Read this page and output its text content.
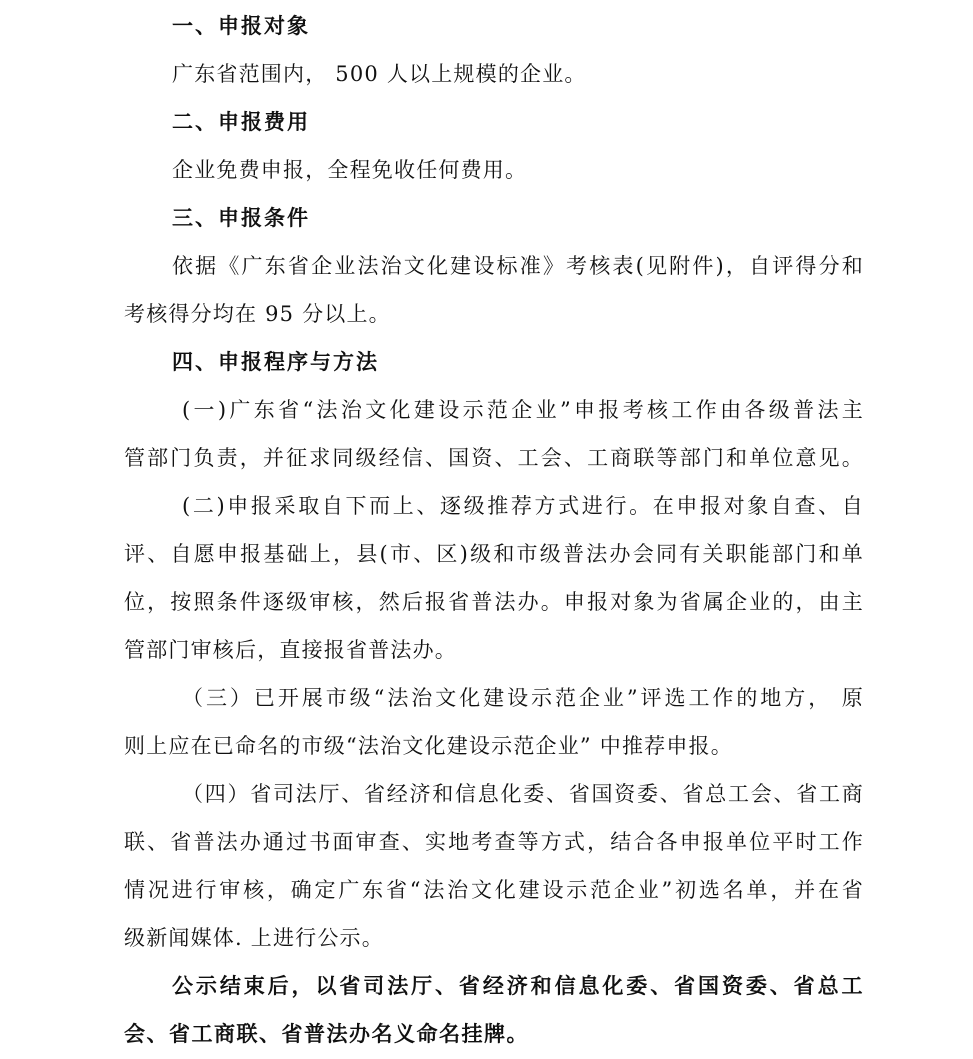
一、申报对象
广东省范围内， 500 人以上规模的企业。
二、申报费用
企业免费申报，全程免收任何费用。
三、申报条件
依据《广东省企业法治文化建设标准》考核表(见附件)，自评得分和
考核得分均在 95 分以上。
四、申报程序与方法
(一)广东省“法治文化建设示范企业”申报考核工作由各级普法主
管部门负责，并征求同级经信、国资、工会、工商联等部门和单位意见。
(二)申报采取自下而上、逐级推荐方式进行。在申报对象自查、自
评、自愿申报基础上，县(市、区)级和市级普法办会同有关职能部门和单
位，按照条件逐级审核，然后报省普法办。申报对象为省属企业的，由主
管部门审核后，直接报省普法办。
（三）已开展市级“法治文化建设示范企业”评选工作的地方， 原
则上应在已命名的市级“法治文化建设示范企业” 中推荐申报。
（四）省司法厅、省经济和信息化委、省国资委、省总工会、省工商
联、省普法办通过书面审查、实地考查等方式，结合各申报单位平时工作
情况进行审核，确定广东省“法治文化建设示范企业”初选名单，并在省
级新闻媒体. 上进行公示。
公示结束后，以省司法厅、省经济和信息化委、省国资委、省总工
会、省工商联、省普法办名义命名挂牌。
